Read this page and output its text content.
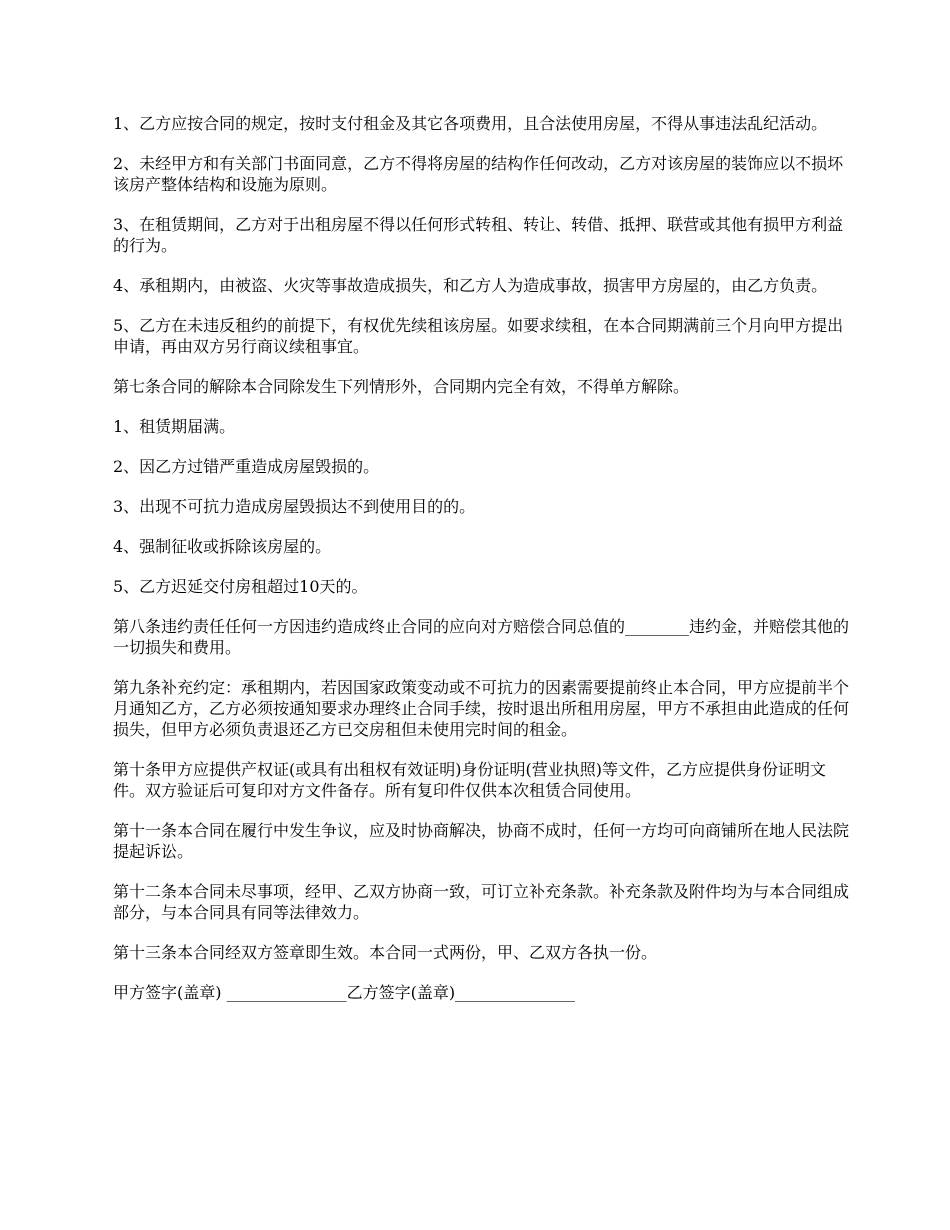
1、乙方应按合同的规定，按时支付租金及其它各项费用，且合法使用房屋，不得从事违法乱纪活动。

2、未经甲方和有关部门书面同意，乙方不得将房屋的结构作任何改动，乙方对该房屋的装饰应以不损坏该房产整体结构和设施为原则。

3、在租赁期间，乙方对于出租房屋不得以任何形式转租、转让、转借、抵押、联营或其他有损甲方利益的行为。

4、承租期内，由被盗、火灾等事故造成损失，和乙方人为造成事故，损害甲方房屋的，由乙方负责。

5、乙方在未违反租约的前提下，有权优先续租该房屋。如要求续租，在本合同期满前三个月向甲方提出申请，再由双方另行商议续租事宜。

第七条合同的解除本合同除发生下列情形外，合同期内完全有效，不得单方解除。

1、租赁期届满。

2、因乙方过错严重造成房屋毁损的。

3、出现不可抗力造成房屋毁损达不到使用目的的。

4、强制征收或拆除该房屋的。

5、乙方迟延交付房租超过10天的。

第八条违约责任任何一方因违约造成终止合同的应向对方赔偿合同总值的________违约金，并赔偿其他的一切损失和费用。

第九条补充约定：承租期内，若因国家政策变动或不可抗力的因素需要提前终止本合同，甲方应提前半个月通知乙方，乙方必须按通知要求办理终止合同手续，按时退出所租用房屋，甲方不承担由此造成的任何损失，但甲方必须负责退还乙方已交房租但未使用完时间的租金。

第十条甲方应提供产权证(或具有出租权有效证明)身份证明(营业执照)等文件，乙方应提供身份证明文件。双方验证后可复印对方文件备存。所有复印件仅供本次租赁合同使用。

第十一条本合同在履行中发生争议，应及时协商解决，协商不成时，任何一方均可向商铺所在地人民法院提起诉讼。

第十二条本合同未尽事项，经甲、乙双方协商一致，可订立补充条款。补充条款及附件均为与本合同组成部分，与本合同具有同等法律效力。

第十三条本合同经双方签章即生效。本合同一式两份，甲、乙双方各执一份。

甲方签字(盖章) _______________乙方签字(盖章)_______________
